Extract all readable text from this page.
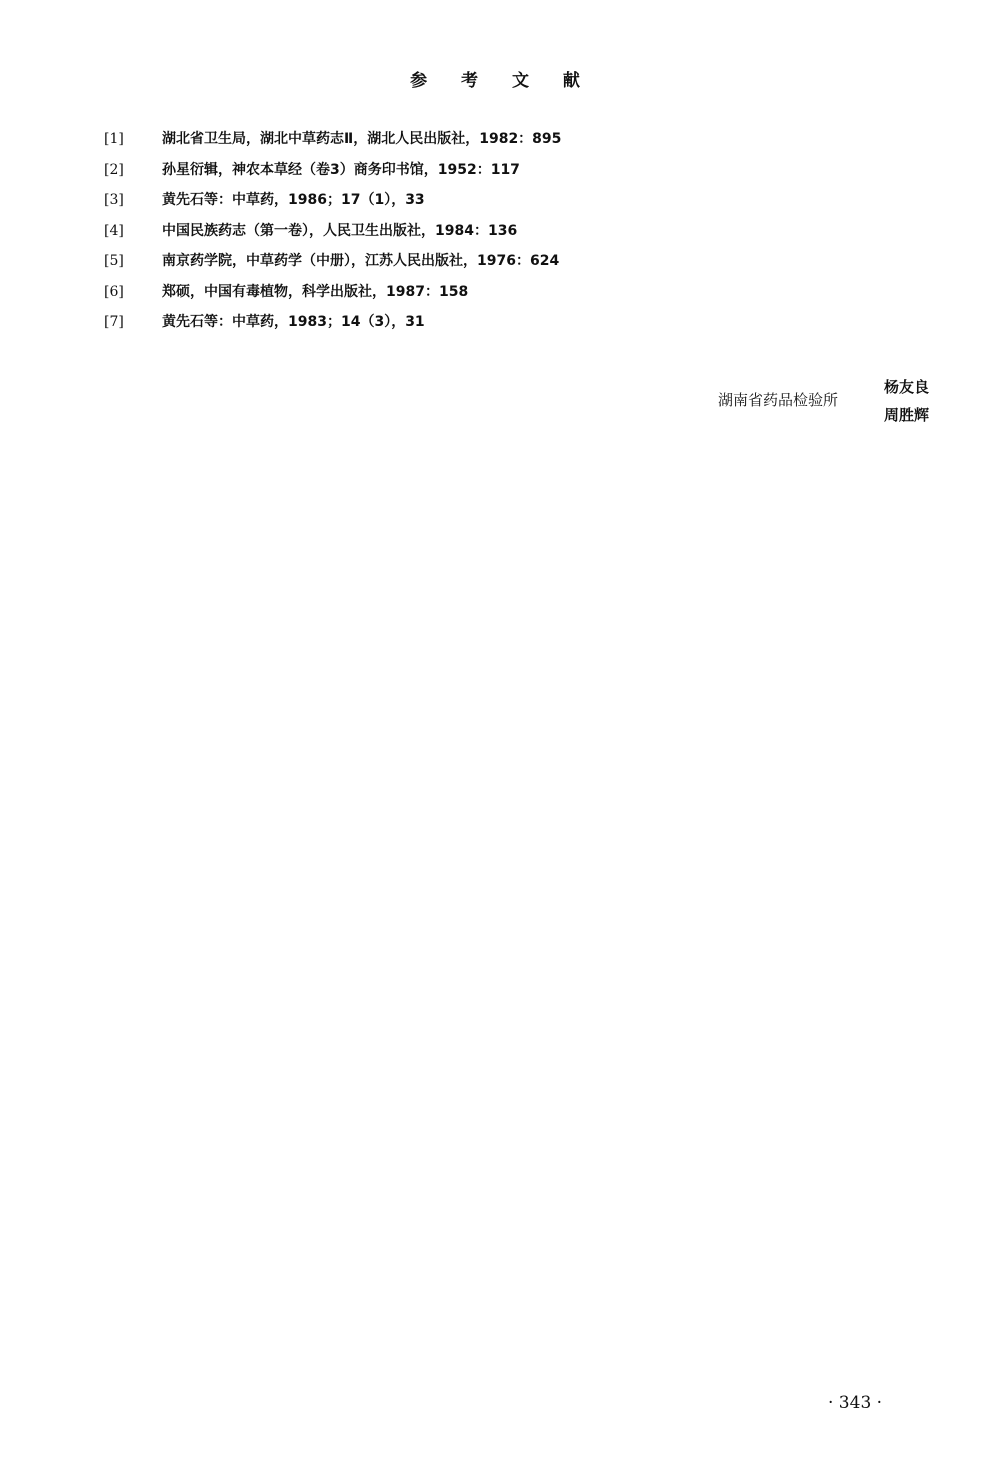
参 考 文 献
[1]	湖北省卫生局，湖北中草药志Ⅱ，湖北人民出版社，1982：895
[2]	孙星衍辑，神农本草经（卷3）商务印书馆，1952：117
[3]	黄先石等：中草药，1986；17（1），33
[4]	中国民族药志（第一卷），人民卫生出版社，1984：136
[5]	南京药学院，中草药学（中册），江苏人民出版社，1976：624
[6]	郑硕，中国有毒植物，科学出版社，1987：158
[7]	黄先石等：中草药，1983；14（3），31
湖南省药品检验所
杨友良
周胜辉
· 343 ·
